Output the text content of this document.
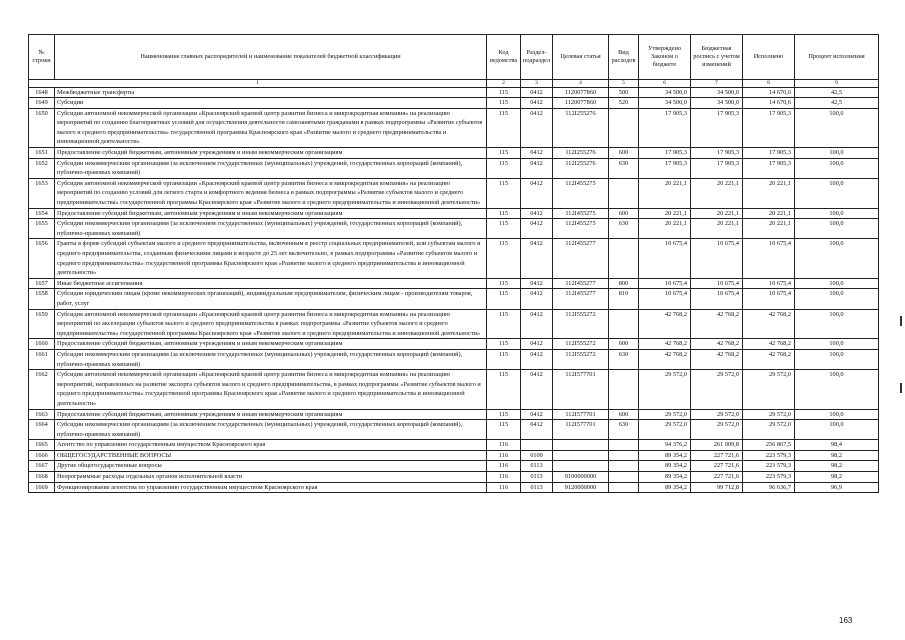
№ строки	Наименование главных распорядителей и наименование показателей бюджетной классификации	Код ведомства	Раздел-подраздел	Целевая статья	Вид расходов	Утверждено Законом о бюджете	Бюджетная роспись с учетом изменений	Исполнено	Процент исполнения
1		2	3	4	5	6	7	8	9
1648	Межбюджетные трансферты	115	0412	1120077860	500	34 500,0	34 500,0	14 670,6	42,5
1649	Субсидии	115	0412	1120077860	520	34 500,0	34 500,0	14 670,6	42,5
1650	Субсидия автономной некоммерческой организации «Красноярский краевой центр развития бизнеса и микрокредитная компания» на реализацию мероприятий по созданию благоприятных условий для осуществления деятельности самозанятыми гражданами в рамках подпрограммы «Развитие субъектов малого и среднего предпринимательства» государственной программы Красноярского края «Развитие малого и среднего предпринимательства и инновационной деятельности»	115	0412	112I255276		17 905,3	17 905,3	17 905,3	100,0
1651	Предоставление субсидий бюджетным, автономным учреждениям и иным некоммерческим организациям	115	0412	112I255276	600	17 905,3	17 905,3	17 905,3	100,0
1652	Субсидии некоммерческим организациям (за исключением государственных (муниципальных) учреждений, государственных корпораций (компаний), публично-правовых компаний)	115	0412	112I255276	630	17 905,3	17 905,3	17 905,3	100,0
1653	Субсидия автономной некоммерческой организации «Красноярский краевой центр развития бизнеса и микрокредитная компания» на реализацию мероприятий по созданию условий для легкого старта и комфортного ведения бизнеса в рамках подпрограммы «Развитие субъектов малого и среднего предпринимательства» государственной программы Красноярского края «Развитие малого и среднего предпринимательства и инновационной деятельности»	115	0412	112I455275		20 221,1	20 221,1	20 221,1	100,0
1654	Предоставление субсидий бюджетным, автономным учреждениям и иным некоммерческим организациям	115	0412	112I455275	600	20 221,1	20 221,1	20 221,1	100,0
1655	Субсидии некоммерческим организациям (за исключением государственных (муниципальных) учреждений, государственных корпораций (компаний), публично-правовых компаний)	115	0412	112I455275	630	20 221,1	20 221,1	20 221,1	100,0
1656	Гранты в форме субсидий субъектам малого и среднего предпринимательства, включенным в реестр социальных предпринимателей, или субъектам малого и среднего предпринимательства, созданным физическими лицами в возрасте до 25 лет включительно, в рамках подпрограммы «Развитие субъектов малого и среднего предпринимательства» государственной программы Красноярского края «Развитие малого и среднего предпринимательства и инновационной деятельности»	115	0412	112I455277		10 675,4	10 675,4	10 675,4	100,0
1657	Иные бюджетные ассигнования	115	0412	112I455277	800	10 675,4	10 675,4	10 675,4	100,0
1658	Субсидии юридическим лицам (кроме некоммерческих организаций), индивидуальным предпринимателям, физическим лицам - производителям товаров, работ, услуг	115	0412	112I455277	810	10 675,4	10 675,4	10 675,4	100,0
1659	Субсидия автономной некоммерческой организации «Красноярский краевой центр развития бизнеса и микрокредитная компания» на реализацию мероприятий по акселерации субъектов малого и среднего предпринимательства в рамках подпрограммы «Развитие субъектов малого и среднего предпринимательства» государственной программы Красноярского края «Развитие малого и среднего предпринимательства и инновационной деятельности»	115	0412	112I555272		42 768,2	42 768,2	42 768,2	100,0
1660	Предоставление субсидий бюджетным, автономным учреждениям и иным некоммерческим организациям	115	0412	112I555272	600	42 768,2	42 768,2	42 768,2	100,0
1661	Субсидии некоммерческим организациям (за исключением государственных (муниципальных) учреждений, государственных корпораций (компаний), публично-правовых компаний)	115	0412	112I555272	630	42 768,2	42 768,2	42 768,2	100,0
1662	Субсидия автономной некоммерческой организации «Красноярский краевой центр развития бизнеса и микрокредитная компания» на реализацию мероприятий, направленных на развитие экспорта субъектов малого и среднего предпринимательства, в рамках подпрограммы «Развитие субъектов малого и среднего предпринимательства» государственной программы Красноярского края «Развитие малого и среднего предпринимательства и инновационной деятельности»	115	0412	112I577701		29 572,0	29 572,0	29 572,0	100,0
1663	Предоставление субсидий бюджетным, автономным учреждениям и иным некоммерческим организациям	115	0412	112I577701	600	29 572,0	29 572,0	29 572,0	100,0
1664	Субсидии некоммерческим организациям (за исключением государственных (муниципальных) учреждений, государственных корпораций (компаний), публично-правовых компаний)	115	0412	112I577701	630	29 572,0	29 572,0	29 572,0	100,0
1665	Агентство по управлению государственным имуществом Красноярского края	116				94 376,2	261 009,8	256 867,5	98,4
1666	ОБЩЕГОСУДАРСТВЕННЫЕ ВОПРОСЫ	116	0100			89 354,2	227 721,6	223 579,3	98,2
1667	Другие общегосударственные вопросы	116	0113			89 354,2	227 721,6	223 579,3	98,2
1668	Непрограммные расходы отдельных органов исполнительной власти	116	0113	9100000000		89 354,2	227 721,6	223 579,3	98,2
1669	Функционирование агентства по управлению государственным имуществом Красноярского края	116	0113	9120000000		89 354,2	99 712,8	96 636,7	96,9
163
